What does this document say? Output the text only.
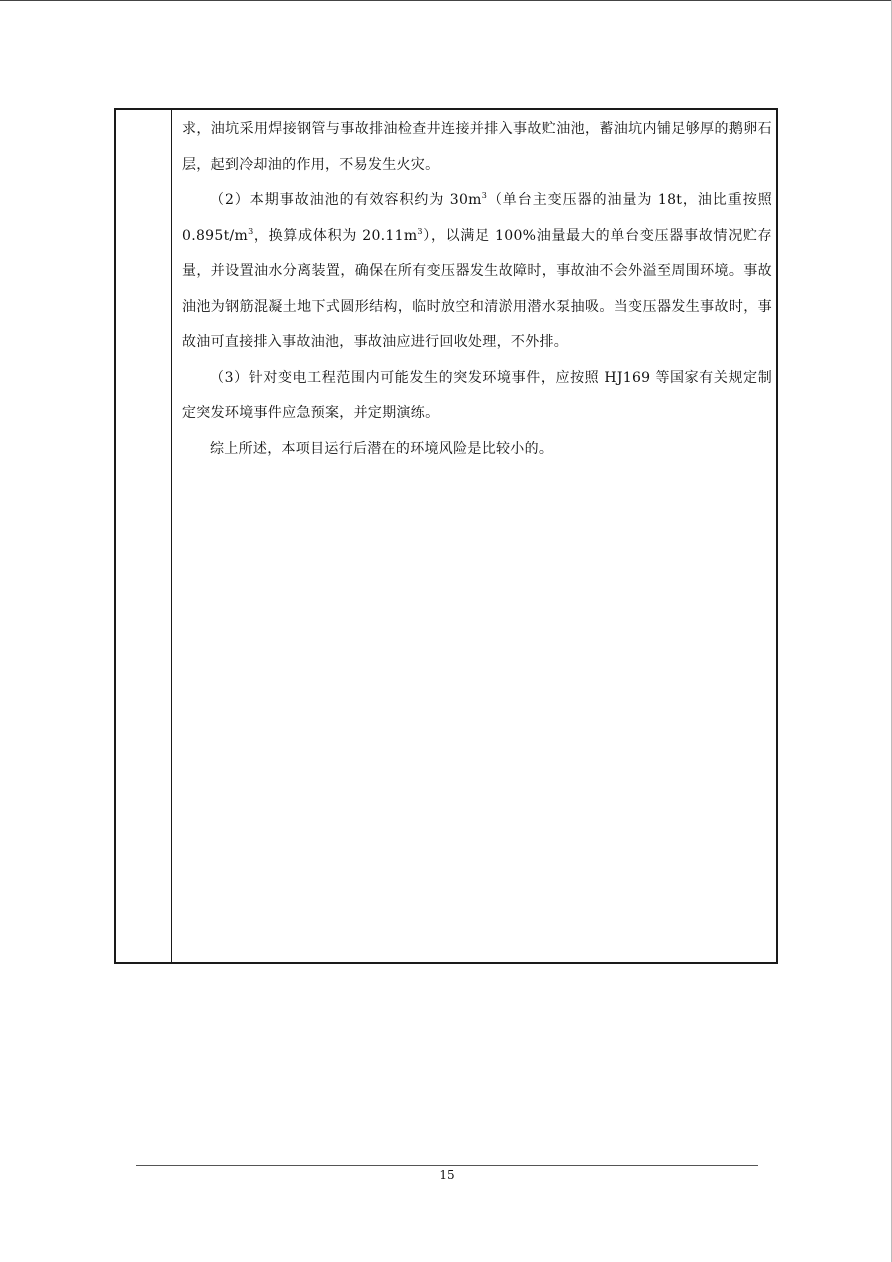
求，油坑采用焊接钢管与事故排油检查井连接并排入事故贮油池，蓄油坑内铺足够厚的鹅卵石层，起到冷却油的作用，不易发生火灾。

（2）本期事故油池的有效容积约为 $30m^3$（单台主变压器的油量为 18t，油比重按照 $0.895t/m^3$，换算成体积为 $20.11m^3$），以满足 100%油量最大的单台变压器事故情况贮存量，并设置油水分离装置，确保在所有变压器发生故障时，事故油不会外溢至周围环境。事故油池为钢筋混凝土地下式圆形结构，临时放空和清淤用潜水泵抽吸。当变压器发生事故时，事故油可直接排入事故油池，事故油应进行回收处理，不外排。

（3）针对变电工程范围内可能发生的突发环境事件，应按照 HJ169 等国家有关规定制定突发环境事件应急预案，并定期演练。

综上所述，本项目运行后潜在的环境风险是比较小的。

15
